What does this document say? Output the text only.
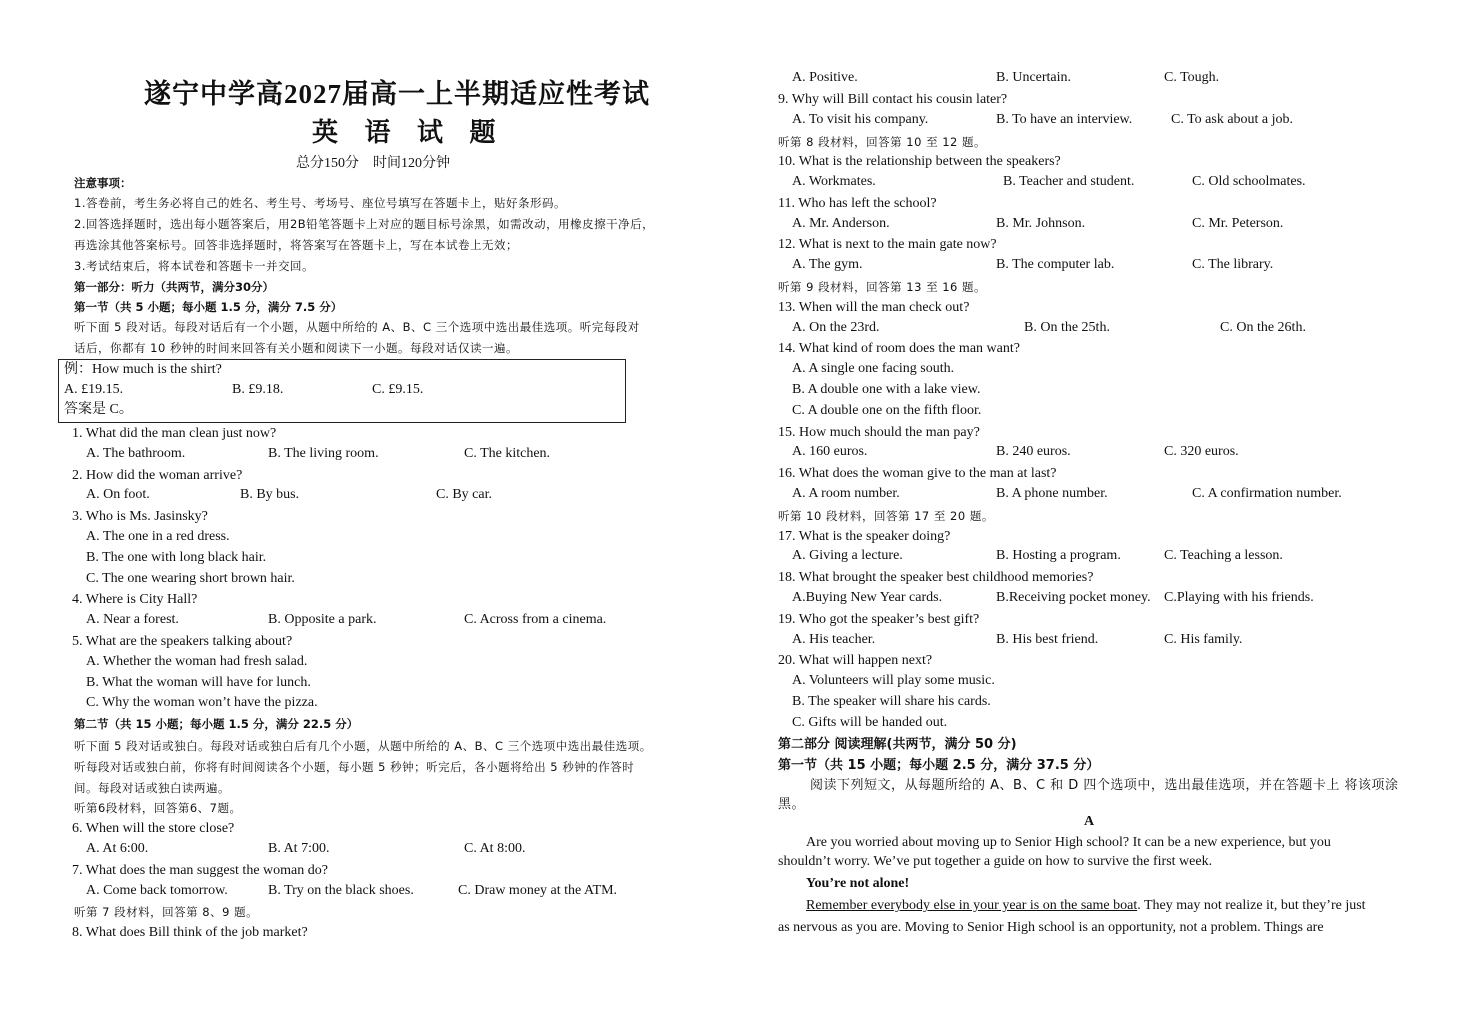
遂宁中学高2027届高一上半期适应性考试
英 语 试 题
总分150分　时间120分钟
注意事项：
1.答卷前，考生务必将自己的姓名、考生号、考场号、座位号填写在答题卡上，贴好条形码。
2.回答选择题时，选出每小题答案后，用2B铅笔答题卡上对应的题目标号涂黑，如需改动，用橡皮擦干净后，
再选涂其他答案标号。回答非选择题时，将答案写在答题卡上，写在本试卷上无效；
3.考试结束后，将本试卷和答题卡一并交回。
第一部分：听力（共两节，满分30分）
第一节（共 5 小题；每小题 1.5 分，满分 7.5 分）
听下面 5 段对话。每段对话后有一个小题，从题中所给的 A、B、C 三个选项中选出最佳选项。听完每段对
话后，你都有 10 秒钟的时间来回答有关小题和阅读下一小题。每段对话仅读一遍。
例：How much is the shirt?
A. £19.15.	B. £9.18.	C. £9.15.
答案是 C。
1. What did the man clean just now?
A. The bathroom.	B. The living room.	C. The kitchen.
2. How did the woman arrive?
A. On foot.	B. By bus.	C. By car.
3. Who is Ms. Jasinsky?
A. The one in a red dress.
B. The one with long black hair.
C. The one wearing short brown hair.
4. Where is City Hall?
A. Near a forest.	B. Opposite a park.	C. Across from a cinema.
5. What are the speakers talking about?
A. Whether the woman had fresh salad.
B. What the woman will have for lunch.
C. Why the woman won’t have the pizza.
第二节（共 15 小题；每小题 1.5 分，满分 22.5 分）
听下面 5 段对话或独白。每段对话或独白后有几个小题，从题中所给的 A、B、C 三个选项中选出最佳选项。
听每段对话或独白前，你将有时间阅读各个小题，每小题 5 秒钟；听完后，各小题将给出 5 秒钟的作答时
间。每段对话或独白读两遍。
听第6段材料，回答第6、7题。
6. When will the store close?
A. At 6:00.	B. At 7:00.	C. At 8:00.
7. What does the man suggest the woman do?
A. Come back tomorrow.	B. Try on the black shoes.	C. Draw money at the ATM.
听第 7 段材料，回答第 8、9 题。
8. What does Bill think of the job market?
A. Positive.	B. Uncertain.	C. Tough.
9. Why will Bill contact his cousin later?
A. To visit his company.	B. To have an interview.	C. To ask about a job.
听第 8 段材料，回答第 10 至 12 题。
10. What is the relationship between the speakers?
A. Workmates.	B. Teacher and student.	C. Old schoolmates.
11. Who has left the school?
A. Mr. Anderson.	B. Mr. Johnson.	C. Mr. Peterson.
12. What is next to the main gate now?
A. The gym.	B. The computer lab.	C. The library.
听第 9 段材料，回答第 13 至 16 题。
13. When will the man check out?
A. On the 23rd.	B. On the 25th.	C. On the 26th.
14. What kind of room does the man want?
A. A single one facing south.
B. A double one with a lake view.
C. A double one on the fifth floor.
15. How much should the man pay?
A. 160 euros.	B. 240 euros.	C. 320 euros.
16. What does the woman give to the man at last?
A. A room number.	B. A phone number.	C. A confirmation number.
听第 10 段材料，回答第 17 至 20 题。
17. What is the speaker doing?
A. Giving a lecture.	B. Hosting a program.	C. Teaching a lesson.
18. What brought the speaker best childhood memories?
A.Buying New Year cards.	B.Receiving pocket money. C.Playing with his friends.
19. Who got the speaker’s best gift?
A. His teacher.	B. His best friend.	C. His family.
20. What will happen next?
A. Volunteers will play some music.
B. The speaker will share his cards.
C. Gifts will be handed out.
第二部分 阅读理解(共两节，满分 50 分)
第一节（共 15 小题；每小题 2.5 分，满分 37.5 分）
阅读下列短文，从每题所给的 A、B、C 和 D 四个选项中，选出最佳选项，并在答题卡上 将该项涂
黑。
A
Are you worried about moving up to Senior High school? It can be a new experience, but you
shouldn’t worry. We’ve put together a guide on how to survive the first week.
You’re not alone!
Remember everybody else in your year is on the same boat. They may not realize it, but they’re just
as nervous as you are. Moving to Senior High school is an opportunity, not a problem. Things are
